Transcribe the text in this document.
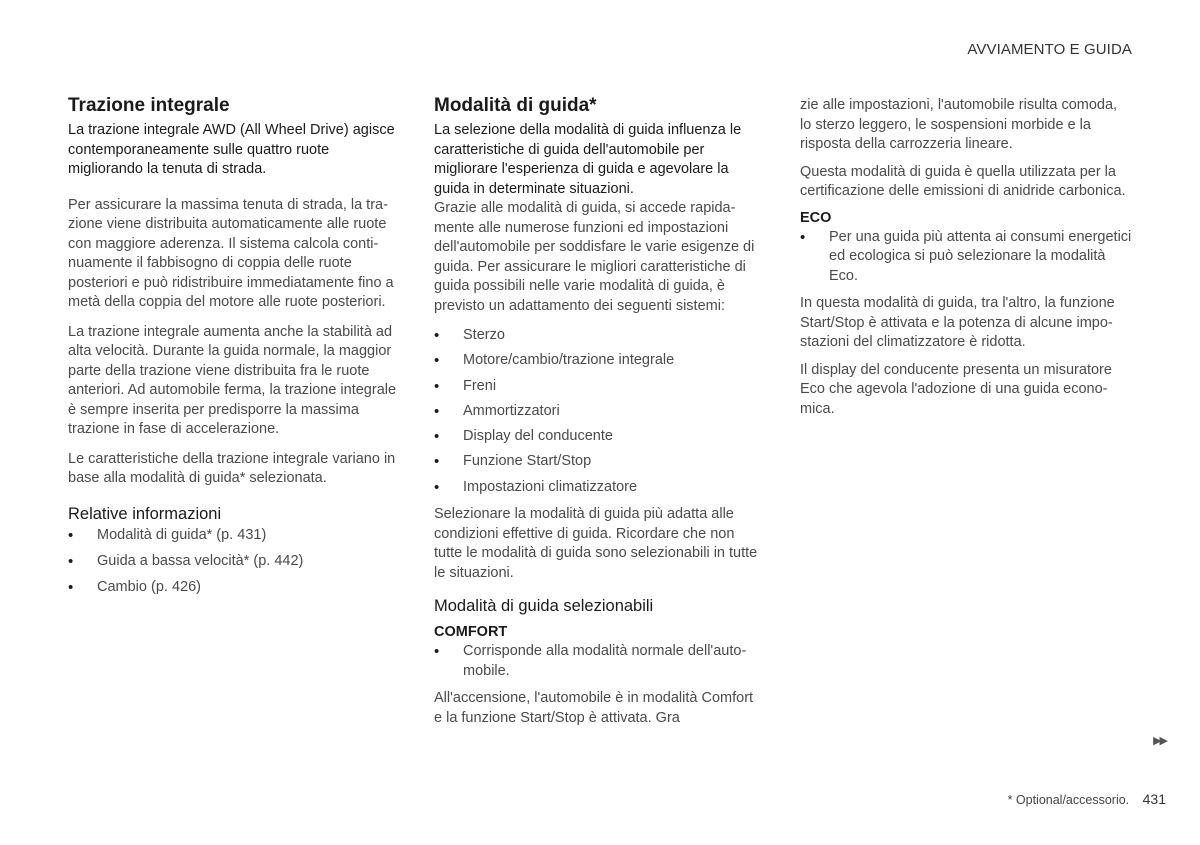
AVVIAMENTO E GUIDA
Trazione integrale
La trazione integrale AWD (All Wheel Drive) agisce contemporaneamente sulle quattro ruote migliorando la tenuta di strada.

Per assicurare la massima tenuta di strada, la trazione viene distribuita automaticamente alle ruote con maggiore aderenza. Il sistema calcola continuamente il fabbisogno di coppia delle ruote posteriori e può ridistribuire immediatamente fino a metà della coppia del motore alle ruote posteriori.

La trazione integrale aumenta anche la stabilità ad alta velocità. Durante la guida normale, la maggior parte della trazione viene distribuita fra le ruote anteriori. Ad automobile ferma, la trazione integrale è sempre inserita per predisporre la massima trazione in fase di accelerazione.

Le caratteristiche della trazione integrale variano in base alla modalità di guida* selezionata.

Relative informazioni
• Modalità di guida* (p. 431)
• Guida a bassa velocità* (p. 442)
• Cambio (p. 426)
Modalità di guida*
La selezione della modalità di guida influenza le caratteristiche di guida dell'automobile per migliorare l'esperienza di guida e agevolare la guida in determinate situazioni.

Grazie alle modalità di guida, si accede rapidamente alle numerose funzioni ed impostazioni dell'automobile per soddisfare le varie esigenze di guida. Per assicurare le migliori caratteristiche di guida possibili nelle varie modalità di guida, è previsto un adattamento dei seguenti sistemi:

• Sterzo
• Motore/cambio/trazione integrale
• Freni
• Ammortizzatori
• Display del conducente
• Funzione Start/Stop
• Impostazioni climatizzatore

Selezionare la modalità di guida più adatta alle condizioni effettive di guida. Ricordare che non tutte le modalità di guida sono selezionabili in tutte le situazioni.

Modalità di guida selezionabili
COMFORT
• Corrisponde alla modalità normale dell'automobile.

All'accensione, l'automobile è in modalità Comfort e la funzione Start/Stop è attivata. Gra

zie alle impostazioni, l'automobile risulta comoda, lo sterzo leggero, le sospensioni morbide e la risposta della carrozzeria lineare.

Questa modalità di guida è quella utilizzata per la certificazione delle emissioni di anidride carbonica.

ECO
• Per una guida più attenta ai consumi energetici ed ecologica si può selezionare la modalità Eco.

In questa modalità di guida, tra l'altro, la funzione Start/Stop è attivata e la potenza di alcune impostazioni del climatizzatore è ridotta.

Il display del conducente presenta un misuratore Eco che agevola l'adozione di una guida economica.

▶▶
* Optional/accessorio. 431
